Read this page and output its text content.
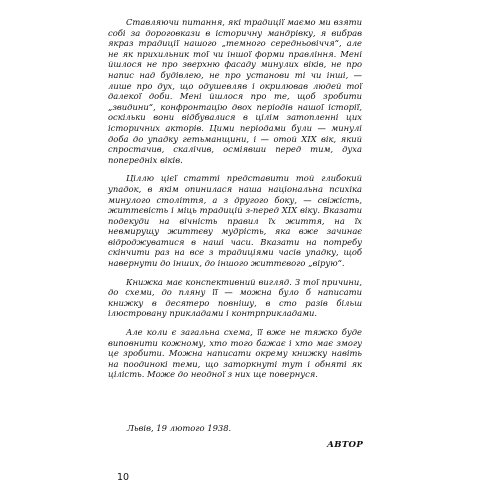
Ставляючи питання, які традиції маємо ми взяти собі за дороговкази в історичну мандрівку, я вибрав якраз традиції нашого „темного середньовіччя“, але не як прихильник тої чи іншої форми правління. Мені йшлося не про зверхню фасаду минулих віків, не про напис над будівлею, не про установи ті чи інші, — лише про дух, що одушевляв і окрилював людей тої далекої доби. Мені йшлося про те, щоб зробити „звидини“, конфронтацію двох періодів нашої історії, оскільки вони відбувалися в цілім затопленні цих історичних акторів. Цими періодами були — минулі доба до упадку гетьманщини, і — отой XIX вік, який спростачив, скалічив, осміявши перед тим, духа попередніх віків.

Ціллю цієї статті представити той глибокий упадок, в якім опинилася наша національна психіка минулого століття, а з другого боку, — свіжість, життєвість і міць традицій з-перед XIX віку. Вказати подекуди на вічність правил їх життя, на їх невмирущу життєву мудрість, яка вже зачинає відроджуватися в наші часи. Вказати на потребу скінчити раз на все з традиціями часів упадку, щоб навернути до інших, до іншого життєвого „вірую“.

Книжка має конспективний вигляд. З тої причини, до схеми, до пляну її — можна було б написати книжку в десятеро повнішу, в сто разів більш ілюстровану прикладами і контрприкладами.

Але коли є загальна схема, її вже не тяжко буде виповнити кожному, хто того бажає і хто має змогу це зробити. Можна написати окрему книжку навіть на поодинокі теми, що заторкнуті тут і обнятi як цілість. Може до неодної з них ще повернуся.

Львів, 19 лютого 1938.
АВТОР
10
